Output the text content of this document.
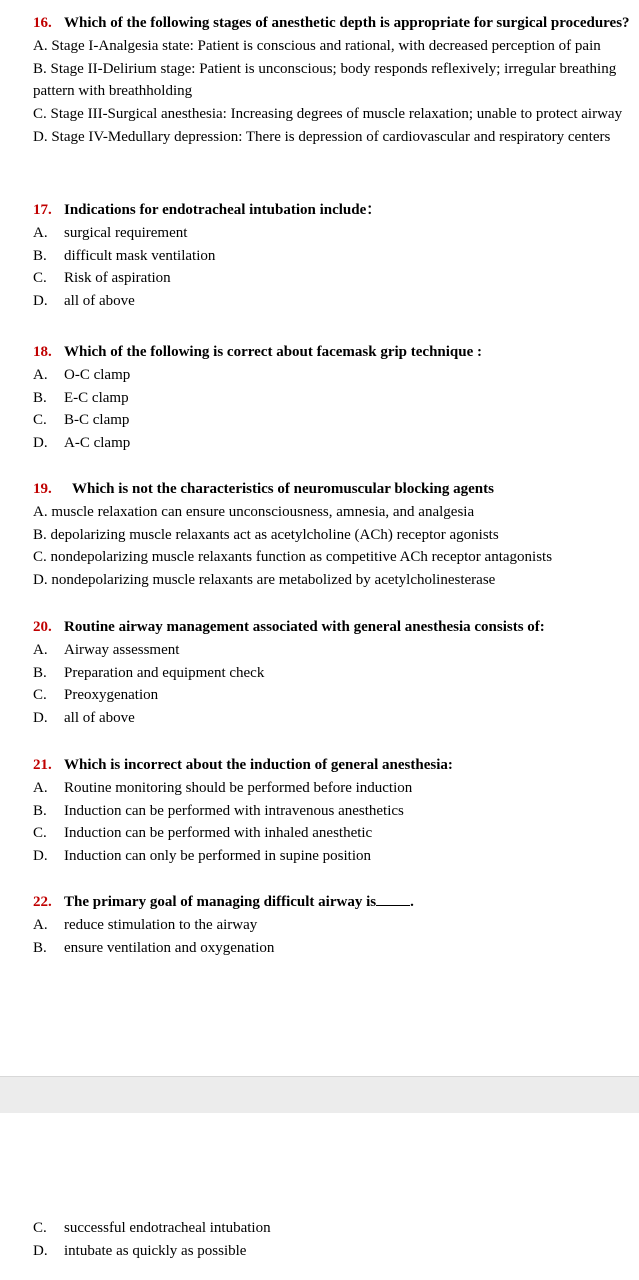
16. Which of the following stages of anesthetic depth is appropriate for surgical procedures?
A. Stage I-Analgesia state: Patient is conscious and rational, with decreased perception of pain
B. Stage II-Delirium stage: Patient is unconscious; body responds reflexively; irregular breathing pattern with breathholding
C. Stage III-Surgical anesthesia: Increasing degrees of muscle relaxation; unable to protect airway
D. Stage IV-Medullary depression: There is depression of cardiovascular and respiratory centers
17. Indications for endotracheal intubation include：
A.	surgical requirement
B.	difficult mask ventilation
C.	Risk of aspiration
D.	all of above
18. Which of the following is correct about facemask grip technique :
A.	O-C clamp
B.	E-C clamp
C.	B-C clamp
D.	A-C clamp
19.	Which is not the characteristics of neuromuscular blocking agents
A. muscle relaxation can ensure unconsciousness, amnesia, and analgesia
B. depolarizing muscle relaxants act as acetylcholine (ACh) receptor agonists
C. nondepolarizing muscle relaxants function as competitive ACh receptor antagonists
D. nondepolarizing muscle relaxants are metabolized by acetylcholinesterase
20. Routine airway management associated with general anesthesia consists of:
A.	Airway assessment
B.	Preparation and equipment check
C.	Preoxygenation
D.	all of above
21. Which is incorrect about the induction of general anesthesia:
A.	Routine monitoring should be performed before induction
B.	Induction can be performed with intravenous anesthetics
C.	Induction can be performed with inhaled anesthetic
D.	Induction can only be performed in supine position
22. The primary goal of managing difficult airway is .
A.	reduce stimulation to the airway
B.	ensure ventilation and oxygenation
C.	successful endotracheal intubation
D.	intubate as quickly as possible
